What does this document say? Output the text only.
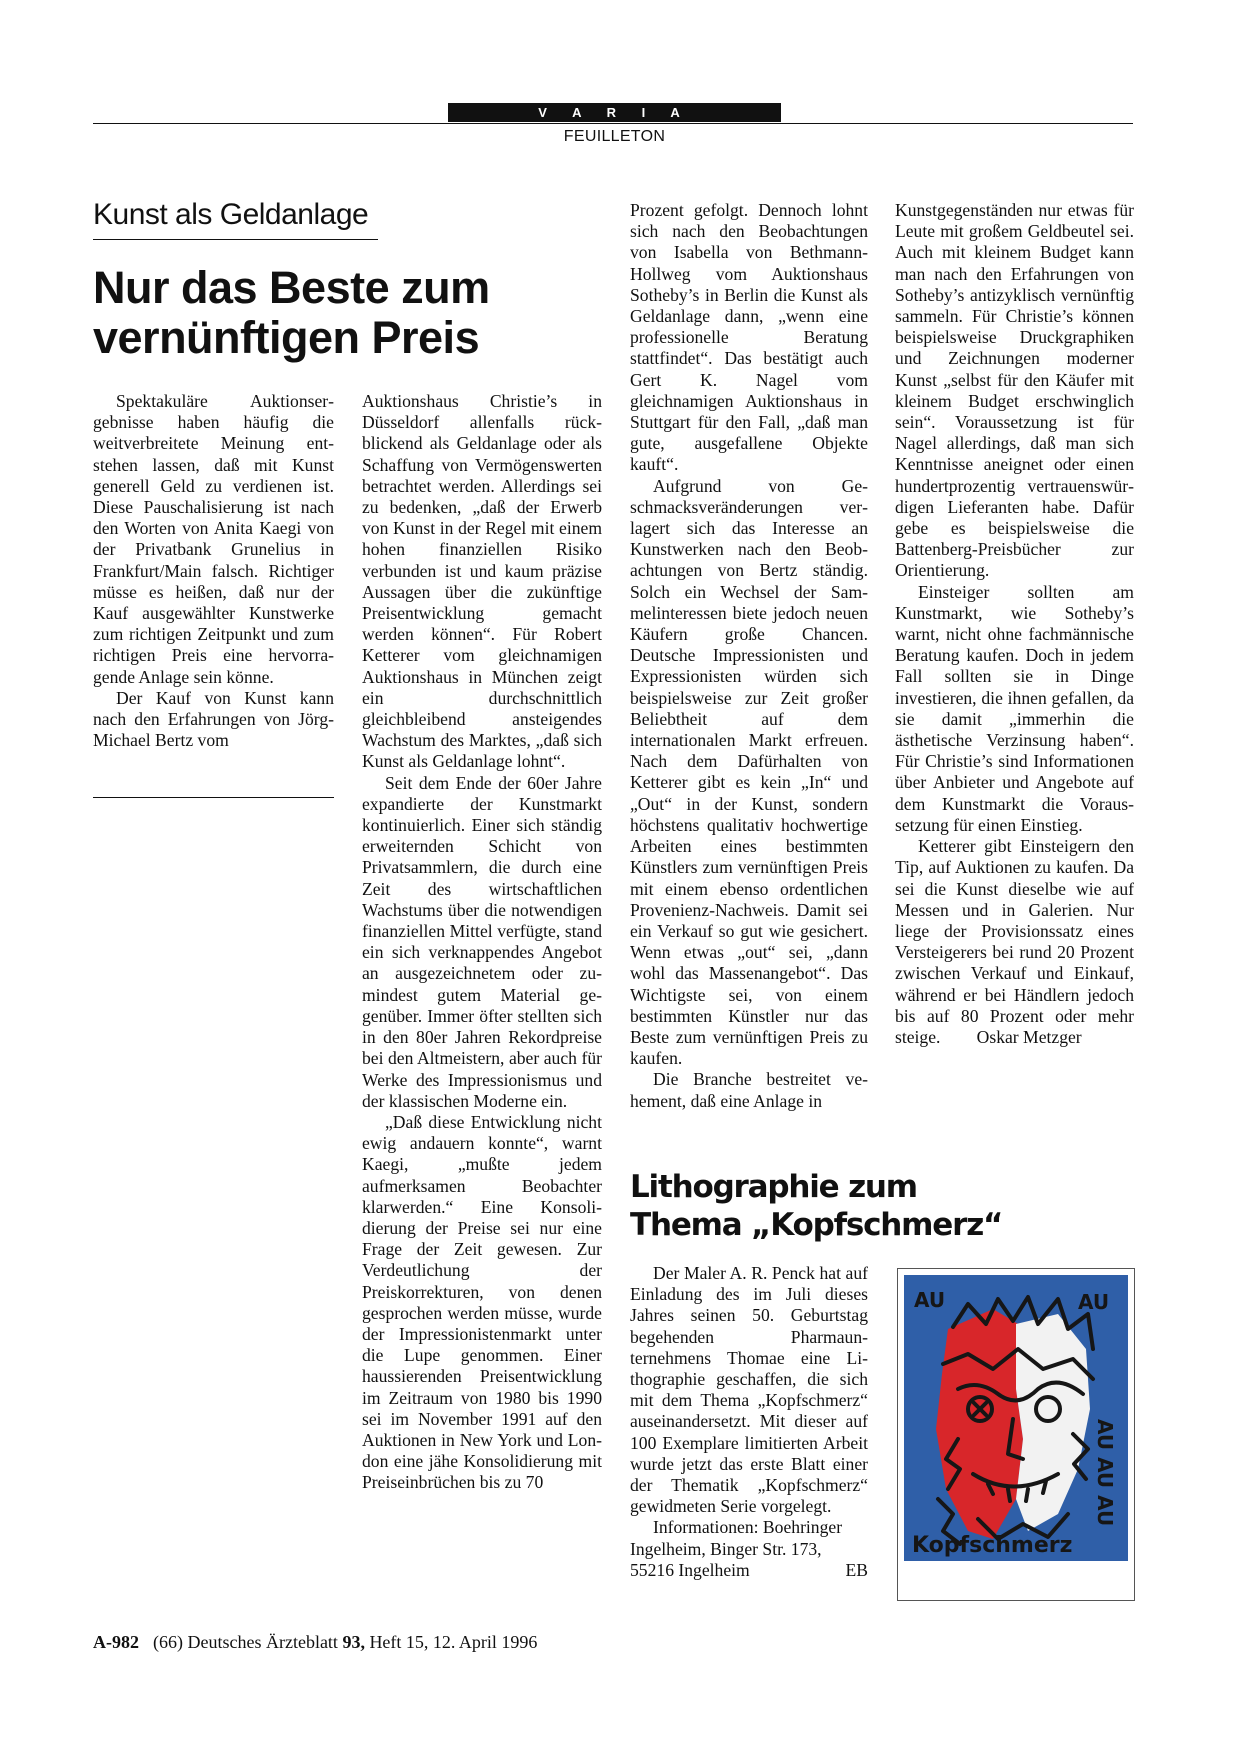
V A R I A
FEUILLETON
Kunst als Geldanlage
Nur das Beste zum
vernünftigen Preis

Spektakuläre Auktionsergebnisse haben häufig die weitverbreitete Meinung entstehen lassen, daß mit Kunst generell Geld zu verdienen ist. Diese Pauschalisierung ist nach den Worten von Anita Kaegi von der Privatbank Grunelius in Frankfurt/Main falsch. Richtiger müsse es heißen, daß nur der Kauf ausgewählter Kunstwerke zum richtigen Zeitpunkt und zum richtigen Preis eine hervorragende Anlage sein könne.

Der Kauf von Kunst kann nach den Erfahrungen von Jörg-Michael Bertz vom

Auktionshaus Christie’s in Düsseldorf allenfalls rückblickend als Geldanlage oder als Schaffung von Vermögenswerten betrachtet werden. Allerdings sei zu bedenken, „daß der Erwerb von Kunst in der Regel mit einem hohen finanziellen Risiko verbunden ist und kaum präzise Aussagen über die zukünftige Preisentwicklung gemacht werden können“. Für Robert Ketterer vom gleichnamigen Auktionshaus in München zeigt ein durchschnittlich gleichbleibend ansteigendes Wachstum des Marktes, „daß sich Kunst als Geldanlage lohnt“.

Seit dem Ende der 60er Jahre expandierte der Kunstmarkt kontinuierlich. Einer sich ständig erweiternden Schicht von Privatsammlern, die durch eine Zeit des wirtschaftlichen Wachstums über die notwendigen finanziellen Mittel verfügte, stand ein sich verknappendes Angebot an ausgezeichnetem oder zumindest gutem Material gegenüber. Immer öfter stellten sich in den 80er Jahren Rekordpreise bei den Altmeistern, aber auch für Werke des Impressionismus und der klassischen Moderne ein.

„Daß diese Entwicklung nicht ewig andauern konnte“, warnt Kaegi, „mußte jedem aufmerksamen Beobachter klarwerden.“ Eine Konsolidierung der Preise sei nur eine Frage der Zeit gewesen. Zur Verdeutlichung der Preiskorrekturen, von denen gesprochen werden müsse, wurde der Impressionistenmarkt unter die Lupe genommen. Einer haussierenden Preisentwicklung im Zeitraum von 1980 bis 1990 sei im November 1991 auf den Auktionen in New York und London eine jähe Konsolidierung mit Preiseinbrüchen bis zu 70

Prozent gefolgt. Dennoch lohnt sich nach den Beobachtungen von Isabella von Bethmann-Hollweg vom Auktionshaus Sotheby’s in Berlin die Kunst als Geldanlage dann, „wenn eine professionelle Beratung stattfindet“. Das bestätigt auch Gert K. Nagel vom gleichnamigen Auktionshaus in Stuttgart für den Fall, „daß man gute, ausgefallene Objekte kauft“.

Aufgrund von Geschmacksveränderungen verlagert sich das Interesse an Kunstwerken nach den Beobachtungen von Bertz ständig. Solch ein Wechsel der Sammelinteressen biete jedoch neuen Käufern große Chancen. Deutsche Impressionisten und Expressionisten würden sich beispielsweise zur Zeit großer Beliebtheit auf dem internationalen Markt erfreuen. Nach dem Dafürhalten von Ketterer gibt es kein „In“ und „Out“ in der Kunst, sondern höchstens qualitativ hochwertige Arbeiten eines bestimmten Künstlers zum vernünftigen Preis mit einem ebenso ordentlichen Provenienz-Nachweis. Damit sei ein Verkauf so gut wie gesichert. Wenn etwas „out“ sei, „dann wohl das Massenangebot“. Das Wichtigste sei, von einem bestimmten Künstler nur das Beste zum vernünftigen Preis zu kaufen.

Die Branche bestreitet vehement, daß eine Anlage in

Kunstgegenständen nur etwas für Leute mit großem Geldbeutel sei. Auch mit kleinem Budget kann man nach den Erfahrungen von Sotheby’s antizyklisch vernünftig sammeln. Für Christie’s können beispielsweise Druckgraphiken und Zeichnungen moderner Kunst „selbst für den Käufer mit kleinem Budget erschwinglich sein“. Voraussetzung ist für Nagel allerdings, daß man sich Kenntnisse aneignet oder einen hundertprozentig vertrauenswürdigen Lieferanten habe. Dafür gebe es beispielsweise die Battenberg-Preisbücher zur Orientierung.

Einsteiger sollten am Kunstmarkt, wie Sotheby’s warnt, nicht ohne fachmännische Beratung kaufen. Doch in jedem Fall sollten sie in Dinge investieren, die ihnen gefallen, da sie damit „immerhin die ästhetische Verzinsung haben“. Für Christie’s sind Informationen über Anbieter und Angebote auf dem Kunstmarkt die Voraussetzung für einen Einstieg.

Ketterer gibt Einsteigern den Tip, auf Auktionen zu kaufen. Da sei die Kunst dieselbe wie auf Messen und in Galerien. Nur liege der Provisionssatz eines Versteigerers bei rund 20 Prozent zwischen Verkauf und Einkauf, während er bei Händlern jedoch bis auf 80 Prozent oder mehr steige. Oskar Metzger

Lithographie zum
Thema „Kopfschmerz“

Der Maler A. R. Penck hat auf Einladung des im Juli dieses Jahres seinen 50. Geburtstag begehenden Pharmaunternehmens Thomae eine Lithographie geschaffen, die sich mit dem Thema „Kopfschmerz“ auseinandersetzt. Mit dieser auf 100 Exemplare limitierten Arbeit wurde jetzt das erste Blatt einer der Thematik „Kopfschmerz“ gewidmeten Serie vorgelegt.

Informationen: Boehringer Ingelheim, Binger Str. 173, 55216 Ingelheim	EB

AU	AU
AU AU AU
Kopfschmerz
A-982 (66) Deutsches Ärzteblatt 93, Heft 15, 12. April 1996
